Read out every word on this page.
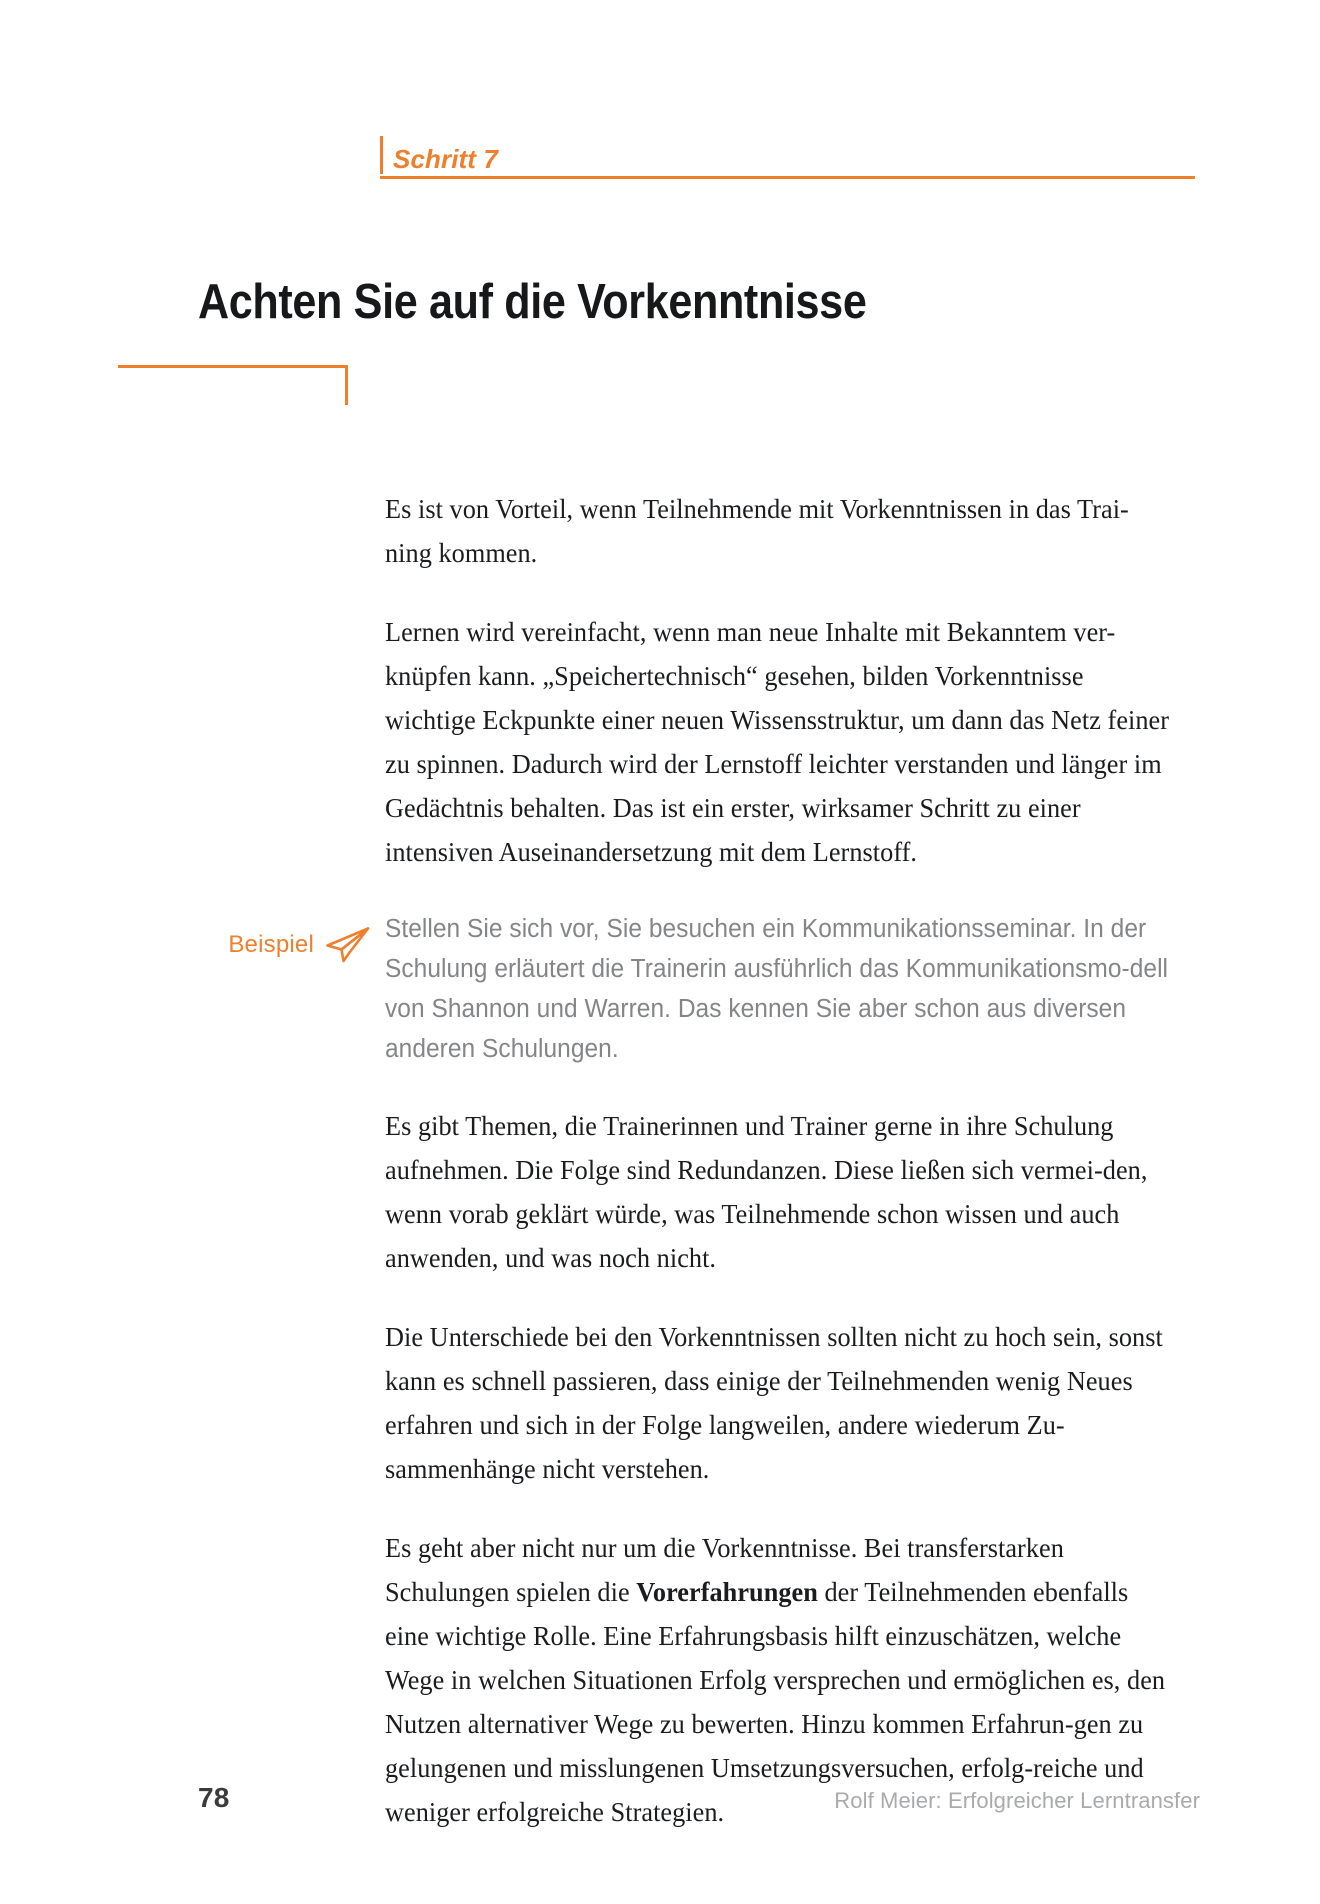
Schritt 7
Achten Sie auf die Vorkenntnisse

Es ist von Vorteil, wenn Teilnehmende mit Vorkenntnissen in das Trai-ning kommen.

Lernen wird vereinfacht, wenn man neue Inhalte mit Bekanntem ver-knüpfen kann. „Speichertechnisch“ gesehen, bilden Vorkenntnisse wichtige Eckpunkte einer neuen Wissensstruktur, um dann das Netz feiner zu spinnen. Dadurch wird der Lernstoff leichter verstanden und länger im Gedächtnis behalten. Das ist ein erster, wirksamer Schritt zu einer intensiven Auseinandersetzung mit dem Lernstoff.

Beispiel

Stellen Sie sich vor, Sie besuchen ein Kommunikationsseminar. In der Schulung erläutert die Trainerin ausführlich das Kommunikationsmo-dell von Shannon und Warren. Das kennen Sie aber schon aus diversen anderen Schulungen.

Es gibt Themen, die Trainerinnen und Trainer gerne in ihre Schulung aufnehmen. Die Folge sind Redundanzen. Diese ließen sich vermei-den, wenn vorab geklärt würde, was Teilnehmende schon wissen und auch anwenden, und was noch nicht.

Die Unterschiede bei den Vorkenntnissen sollten nicht zu hoch sein, sonst kann es schnell passieren, dass einige der Teilnehmenden wenig Neues erfahren und sich in der Folge langweilen, andere wiederum Zu-sammenhänge nicht verstehen.

Es geht aber nicht nur um die Vorkenntnisse. Bei transferstarken Schulungen spielen die Vorerfahrungen der Teilnehmenden ebenfalls eine wichtige Rolle. Eine Erfahrungsbasis hilft einzuschätzen, welche Wege in welchen Situationen Erfolg versprechen und ermöglichen es, den Nutzen alternativer Wege zu bewerten. Hinzu kommen Erfahrun-gen zu gelungenen und misslungenen Umsetzungsversuchen, erfolg-reiche und weniger erfolgreiche Strategien.

78	Rolf Meier: Erfolgreicher Lerntransfer
